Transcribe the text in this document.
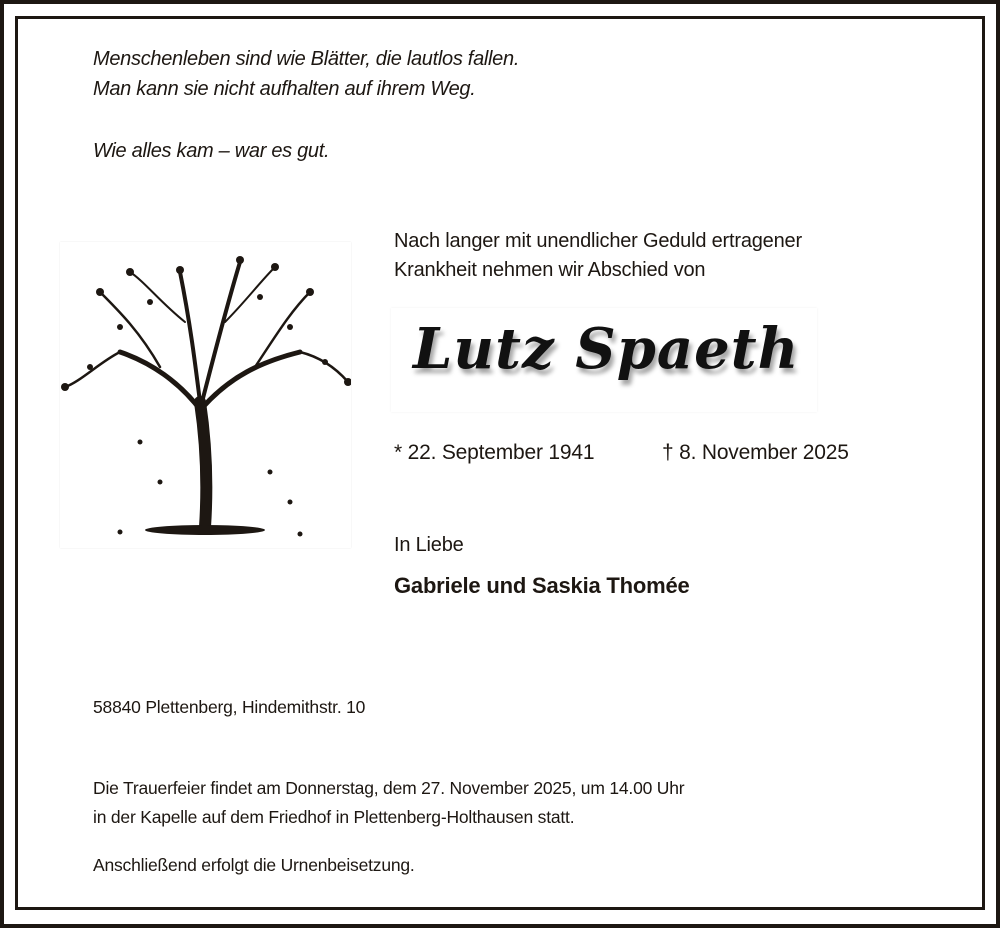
Menschenleben sind wie Blätter, die lautlos fallen.
Man kann sie nicht aufhalten auf ihrem Weg.
Wie alles kam – war es gut.
Nach langer mit unendlicher Geduld ertragener
Krankheit nehmen wir Abschied von
Lutz Spaeth
* 22. September 1941	† 8. November 2025
In Liebe
Gabriele und Saskia Thomée
58840 Plettenberg, Hindemithstr. 10
Die Trauerfeier findet am Donnerstag, dem 27. November 2025, um 14.00 Uhr
in der Kapelle auf dem Friedhof in Plettenberg-Holthausen statt.
Anschließend erfolgt die Urnenbeisetzung.
